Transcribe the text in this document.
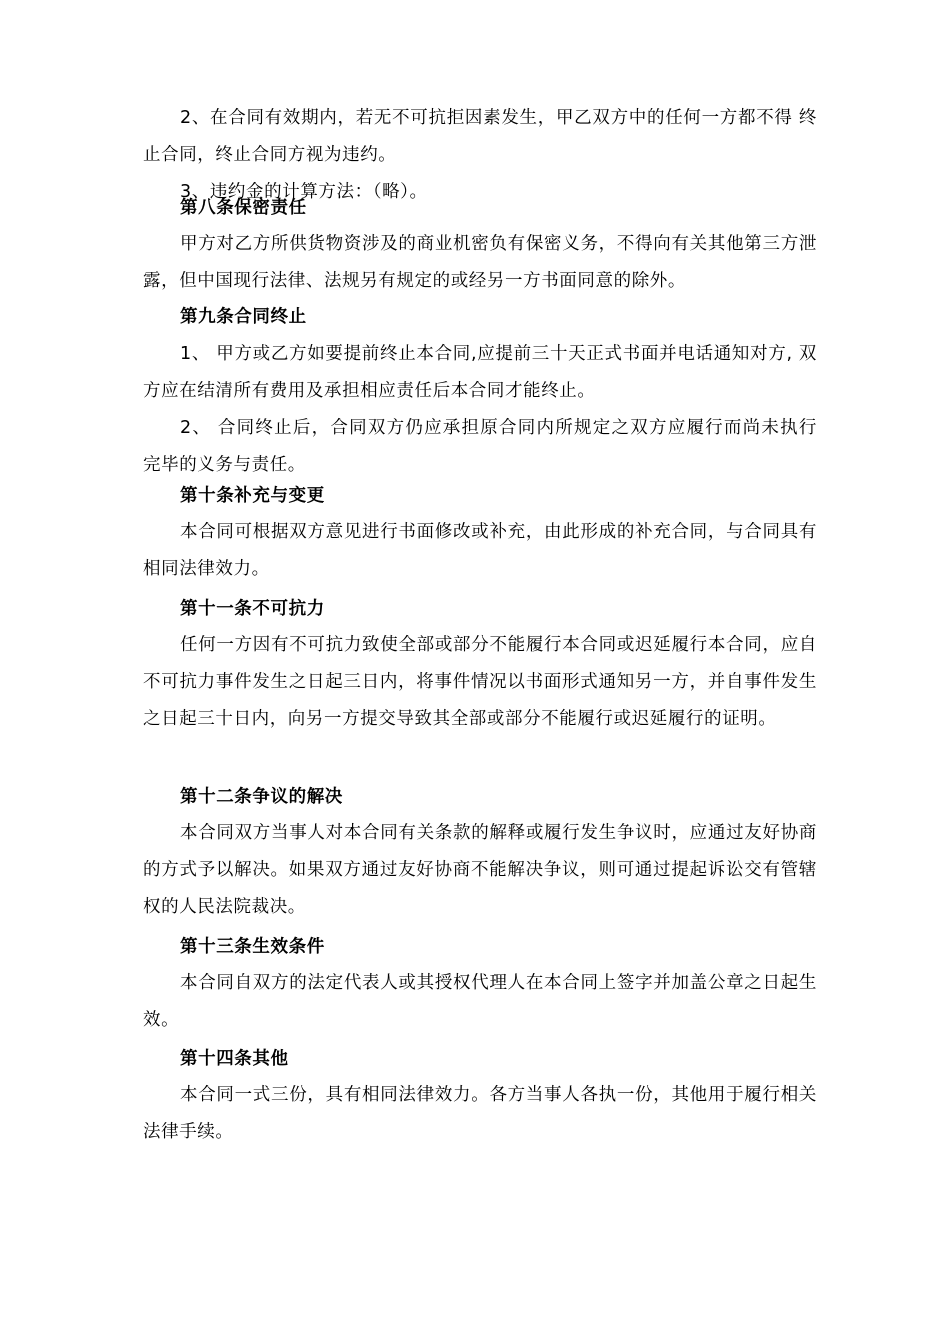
2、在合同有效期内，若无不可抗拒因素发生，甲乙双方中的任何一方都不得 终止合同，终止合同方视为违约。
3、违约金的计算方法：（略）。
第八条保密责任
甲方对乙方所供货物资涉及的商业机密负有保密义务，不得向有关其他第三方泄露，但中国现行法律、法规另有规定的或经另一方书面同意的除外。
第九条合同终止
1、 甲方或乙方如要提前终止本合同,应提前三十天正式书面并电话通知对方, 双方应在结清所有费用及承担相应责任后本合同才能终止。
2、 合同终止后，合同双方仍应承担原合同内所规定之双方应履行而尚未执行 完毕的义务与责任。
第十条补充与变更
本合同可根据双方意见进行书面修改或补充，由此形成的补充合同，与合同具有相同法律效力。
第十一条不可抗力
任何一方因有不可抗力致使全部或部分不能履行本合同或迟延履行本合同，应自不可抗力事件发生之日起三日内，将事件情况以书面形式通知另一方，并自事件发生之日起三十日内，向另一方提交导致其全部或部分不能履行或迟延履行的证明。
第十二条争议的解决
本合同双方当事人对本合同有关条款的解释或履行发生争议时，应通过友好协商的方式予以解决。如果双方通过友好协商不能解决争议，则可通过提起诉讼交有管辖权的人民法院裁决。
第十三条生效条件
本合同自双方的法定代表人或其授权代理人在本合同上签字并加盖公章之日起生效。
第十四条其他
本合同一式三份，具有相同法律效力。各方当事人各执一份，其他用于履行相关法律手续。
